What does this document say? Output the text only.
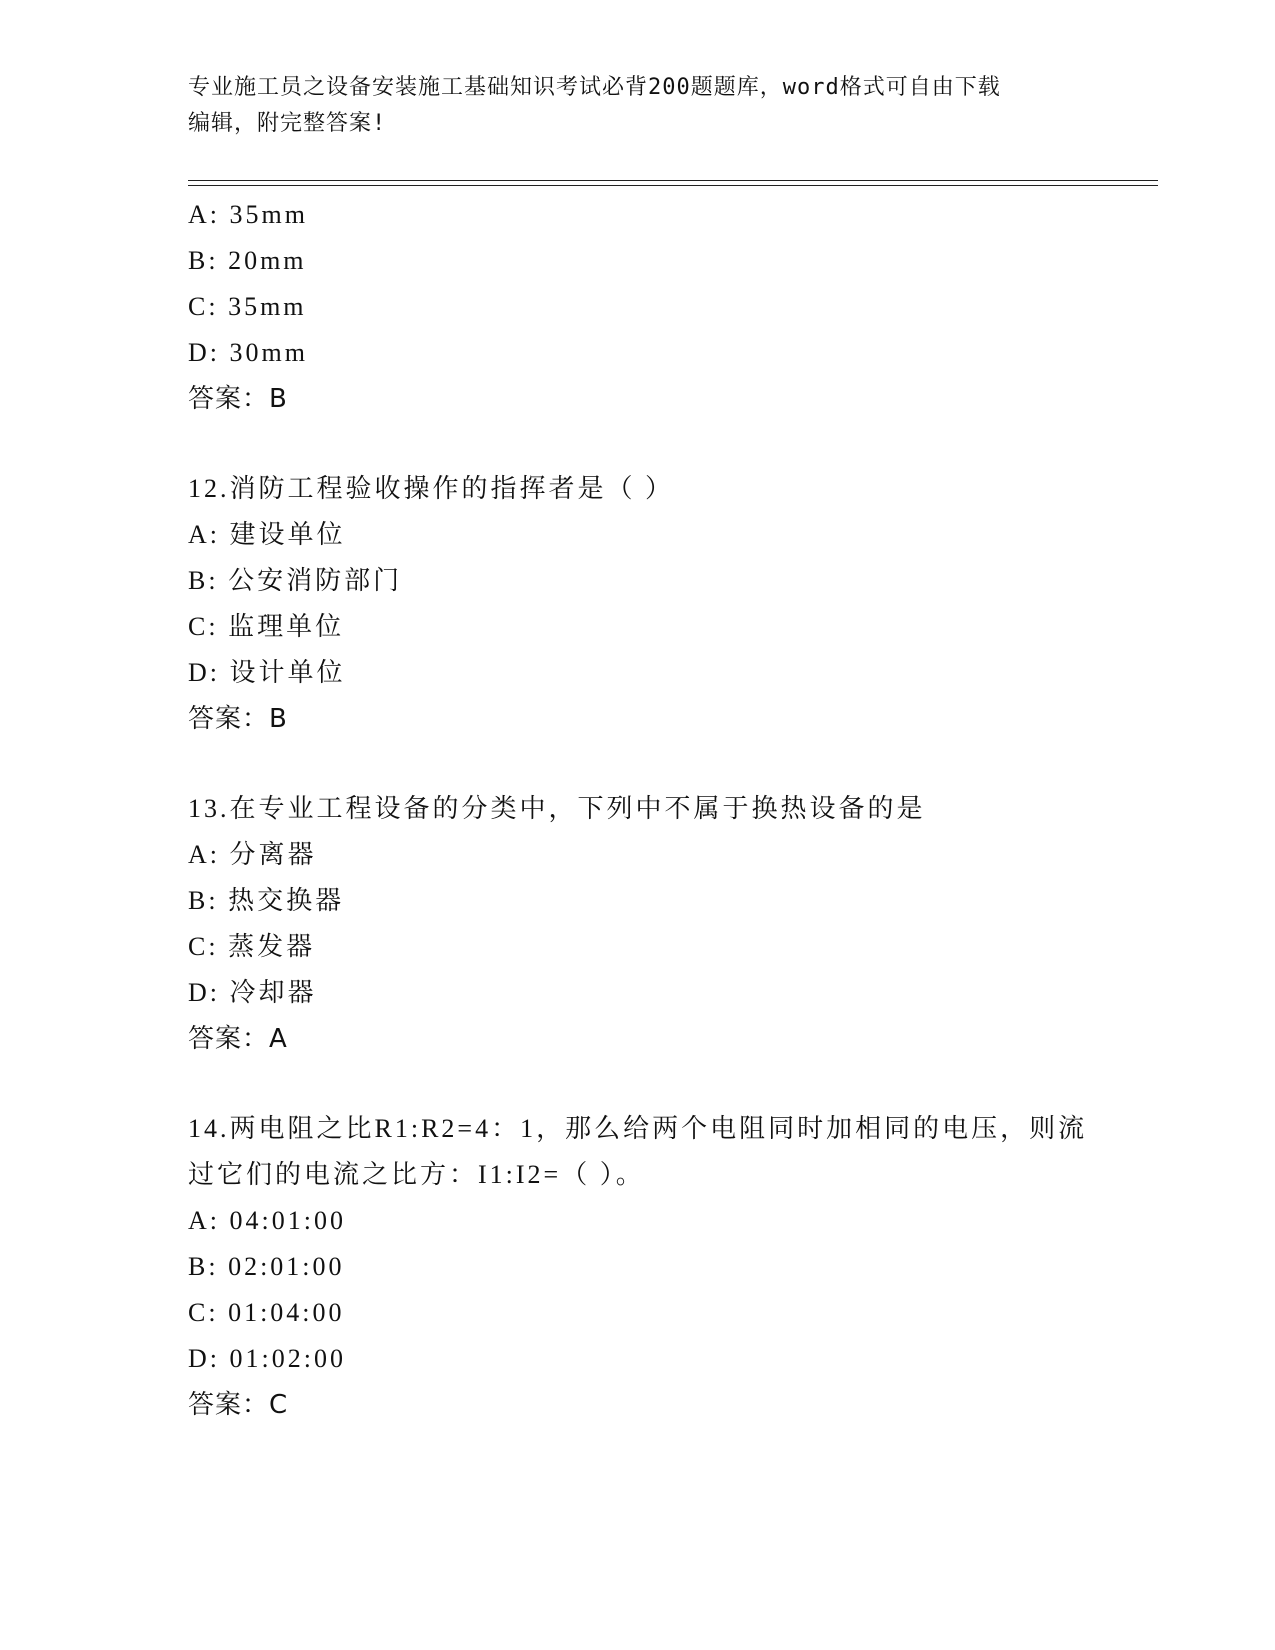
专业施工员之设备安装施工基础知识考试必背200题题库，word格式可自由下载
编辑，附完整答案!
A: 35mm
B: 20mm
C: 35mm
D: 30mm
答案：B
12.消防工程验收操作的指挥者是（ ）
A: 建设单位
B: 公安消防部门
C: 监理单位
D: 设计单位
答案：B
13.在专业工程设备的分类中，下列中不属于换热设备的是
A: 分离器
B: 热交换器
C: 蒸发器
D: 冷却器
答案：A
14.两电阻之比R1:R2=4：1，那么给两个电阻同时加相同的电压，则流
过它们的电流之比方：I1:I2=（ ）。
A: 04:01:00
B: 02:01:00
C: 01:04:00
D: 01:02:00
答案：C
